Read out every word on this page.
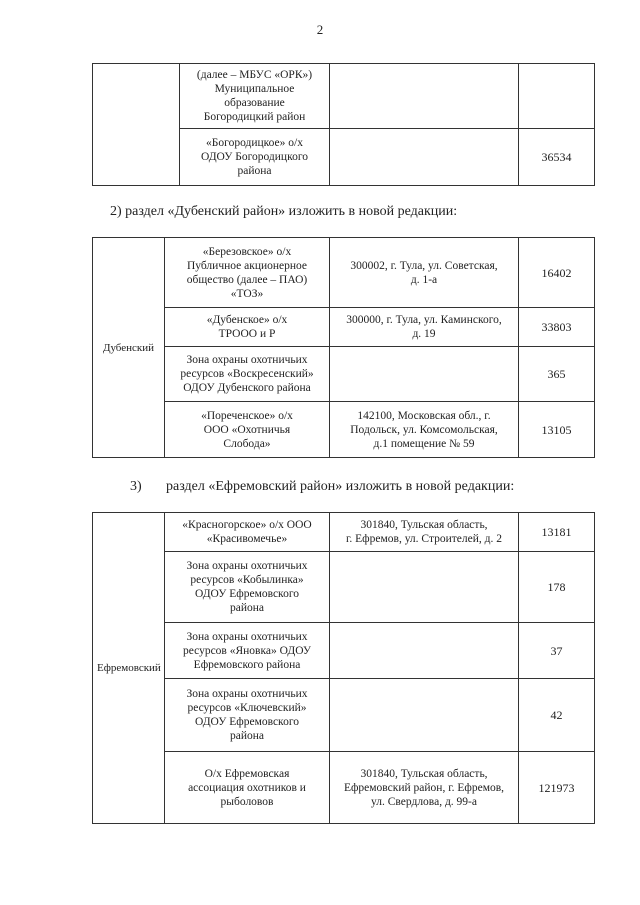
2
	(далее – МБУС «ОРК»)
Муниципальное
образование
Богородицкий район		
	«Богородицкое» о/х
ОДОУ Богородицкого
района		36534
2) раздел «Дубенский район» изложить в новой редакции:
Дубенский	«Березовское» о/х
Публичное акционерное
общество (далее – ПАО)
«ТОЗ»	300002, г. Тула, ул. Советская,
д. 1-а	16402
	«Дубенское» о/х
ТРООО и Р	300000, г. Тула, ул. Каминского,
д. 19	33803
	Зона охраны охотничьих
ресурсов «Воскресенский»
ОДОУ Дубенского района		365
	«Пореченское» о/х
ООО «Охотничья
Слобода»	142100, Московская обл., г.
Подольск, ул. Комсомольская,
д.1 помещение № 59	13105
3) раздел «Ефремовский район» изложить в новой редакции:
Ефремовский	«Красногорское» о/х ООО
«Красивомечье»	301840, Тульская область,
г. Ефремов, ул. Строителей, д. 2	13181
	Зона охраны охотничьих
ресурсов «Кобылинка»
ОДОУ Ефремовского
района		178
	Зона охраны охотничьих
ресурсов «Яновка» ОДОУ
Ефремовского района		37
	Зона охраны охотничьих
ресурсов «Ключевский»
ОДОУ Ефремовского
района		42
	О/х Ефремовская
ассоциация охотников и
рыболовов	301840, Тульская область,
Ефремовский район, г. Ефремов,
ул. Свердлова, д. 99-а	121973
